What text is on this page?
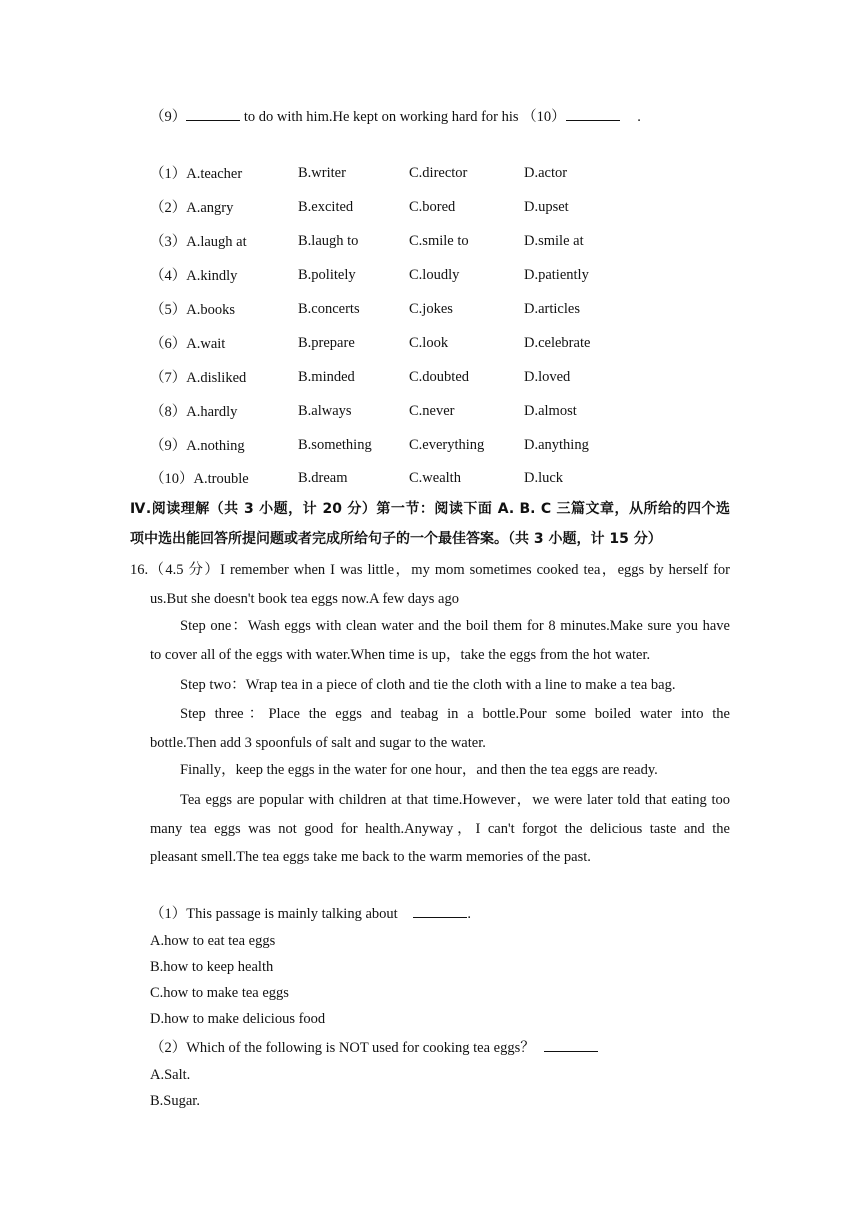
（9）	to do with him.He kept on working hard for his （10）	.
（1）A.teacher	B.writer	C.director	D.actor
（2）A.angry	B.excited	C.bored	D.upset
（3）A.laugh at	B.laugh to	C.smile to	D.smile at
（4）A.kindly	B.politely	C.loudly	D.patiently
（5）A.books	B.concerts	C.jokes	D.articles
（6）A.wait	B.prepare	C.look	D.celebrate
（7）A.disliked	B.minded	C.doubted	D.loved
（8）A.hardly	B.always	C.never	D.almost
（9）A.nothing	B.something	C.everything	D.anything
（10）A.trouble	B.dream	C.wealth	D.luck
Ⅳ.阅读理解（共 3 小题，计 20 分）第一节：阅读下面 A. B. C 三篇文章，从所给的四个选
项中选出能回答所提问题或者完成所给句子的一个最佳答案。（共 3 小题，计 15 分）
16.（4.5 分）I remember when I was little，my mom sometimes cooked tea，eggs by herself for
us.But she doesn't book tea eggs now.A few days ago
Step one：Wash eggs with clean water and the boil them for 8 minutes.Make sure you have
to cover all of the eggs with water.When time is up，take the eggs from the hot water.
Step two：Wrap tea in a piece of cloth and tie the cloth with a line to make a tea bag.
Step three：Place the eggs and teabag in a bottle.Pour some boiled water into the
bottle.Then add 3 spoonfuls of salt and sugar to the water.
Finally，keep the eggs in the water for one hour，and then the tea eggs are ready.
Tea eggs are popular with children at that time.However，we were later told that eating too
many tea eggs was not good for health.Anyway，I can't forgot the delicious taste and the
pleasant smell.The tea eggs take me back to the warm memories of the past.
（1）This passage is mainly talking about	.
A.how to eat tea eggs
B.how to keep health
C.how to make tea eggs
D.how to make delicious food
（2）Which of the following is NOT used for cooking tea eggs？
A.Salt.
B.Sugar.
